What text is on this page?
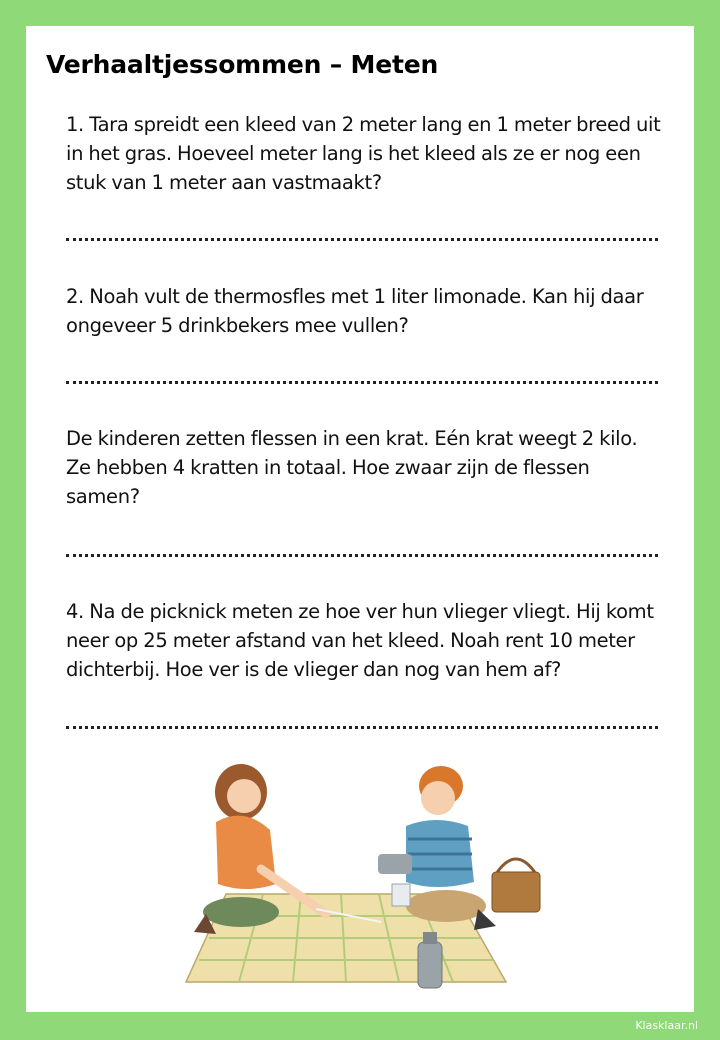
Verhaaltjessommen – Meten
1. Tara spreidt een kleed van 2 meter lang en 1 meter breed uit in het gras. Hoeveel meter lang is het kleed als ze er nog een stuk van 1 meter aan vastmaakt?
2. Noah vult de thermosfles met 1 liter limonade. Kan hij daar ongeveer 5 drinkbekers mee vullen?
De kinderen zetten flessen in een krat. Eén krat weegt 2 kilo. Ze hebben 4 kratten in totaal. Hoe zwaar zijn de flessen samen?
4. Na de picknick meten ze hoe ver hun vlieger vliegt. Hij komt neer op 25 meter afstand van het kleed. Noah rent 10 meter dichterbij. Hoe ver is de vlieger dan nog van hem af?
Klasklaar.nl
